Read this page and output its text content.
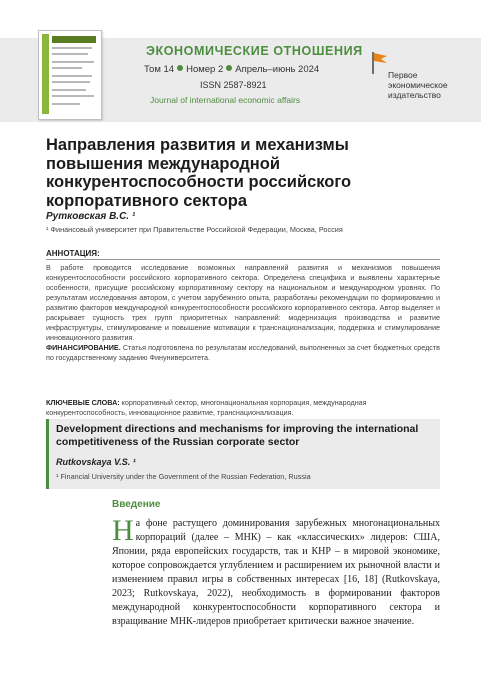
ЭКОНОМИЧЕСКИЕ ОТНОШЕНИЯ
Том 14 Номер 2 Апрель–июнь 2024
ISSN 2587-8921
Journal of international economic affairs
Первое экономическое издательство
Направления развития и механизмы повышения международной конкурентоспособности российского корпоративного сектора
Рутковская В.С. ¹
¹ Финансовый университет при Правительстве Российской Федерации, Москва, Россия
АННОТАЦИЯ:
В работе проводится исследование возможных направлений развития и механизмов повышения конкурентоспособности российского корпоративного сектора. Определена специфика и выявлены характерные особенности, присущие российскому корпоративному сектору на национальном и международном уровнях. По результатам исследования автором, с учетом зарубежного опыта, разработаны рекомендации по формированию и развитию факторов международной конкурентоспособности российского корпоративного сектора. Автор выделяет и раскрывает сущность трех групп приоритетных направлений: модернизация производства и развитие инфраструктуры, стимулирование и повышение мотивации к транснационализации, поддержка и стимулирование инновационного развития.
ФИНАНСИРОВАНИЕ. Статья подготовлена по результатам исследований, выполненных за счет бюджетных средств по государственному заданию Финуниверситета.
КЛЮЧЕВЫЕ СЛОВА: корпоративный сектор, многонациональная корпорация, международная конкурентоспособность, инновационное развитие, транснационализация.
Development directions and mechanisms for improving the international competitiveness of the Russian corporate sector
Rutkovskaya V.S. ¹
¹ Financial University under the Government of the Russian Federation, Russia
Введение
На фоне растущего доминирования зарубежных многонациональных корпораций (далее – МНК) – как «классических» лидеров: США, Японии, ряда европейских государств, так и КНР – в мировой экономике, которое сопровождается углублением и расширением их рыночной власти и изменением правил игры в собственных интересах [16, 18] (Rutkovskaya, 2023; Rutkovskaya, 2022), необходимость в формировании факторов международной конкурентоспособности корпоративного сектора и взращивание МНК-лидеров приобретает критически важное значение.
